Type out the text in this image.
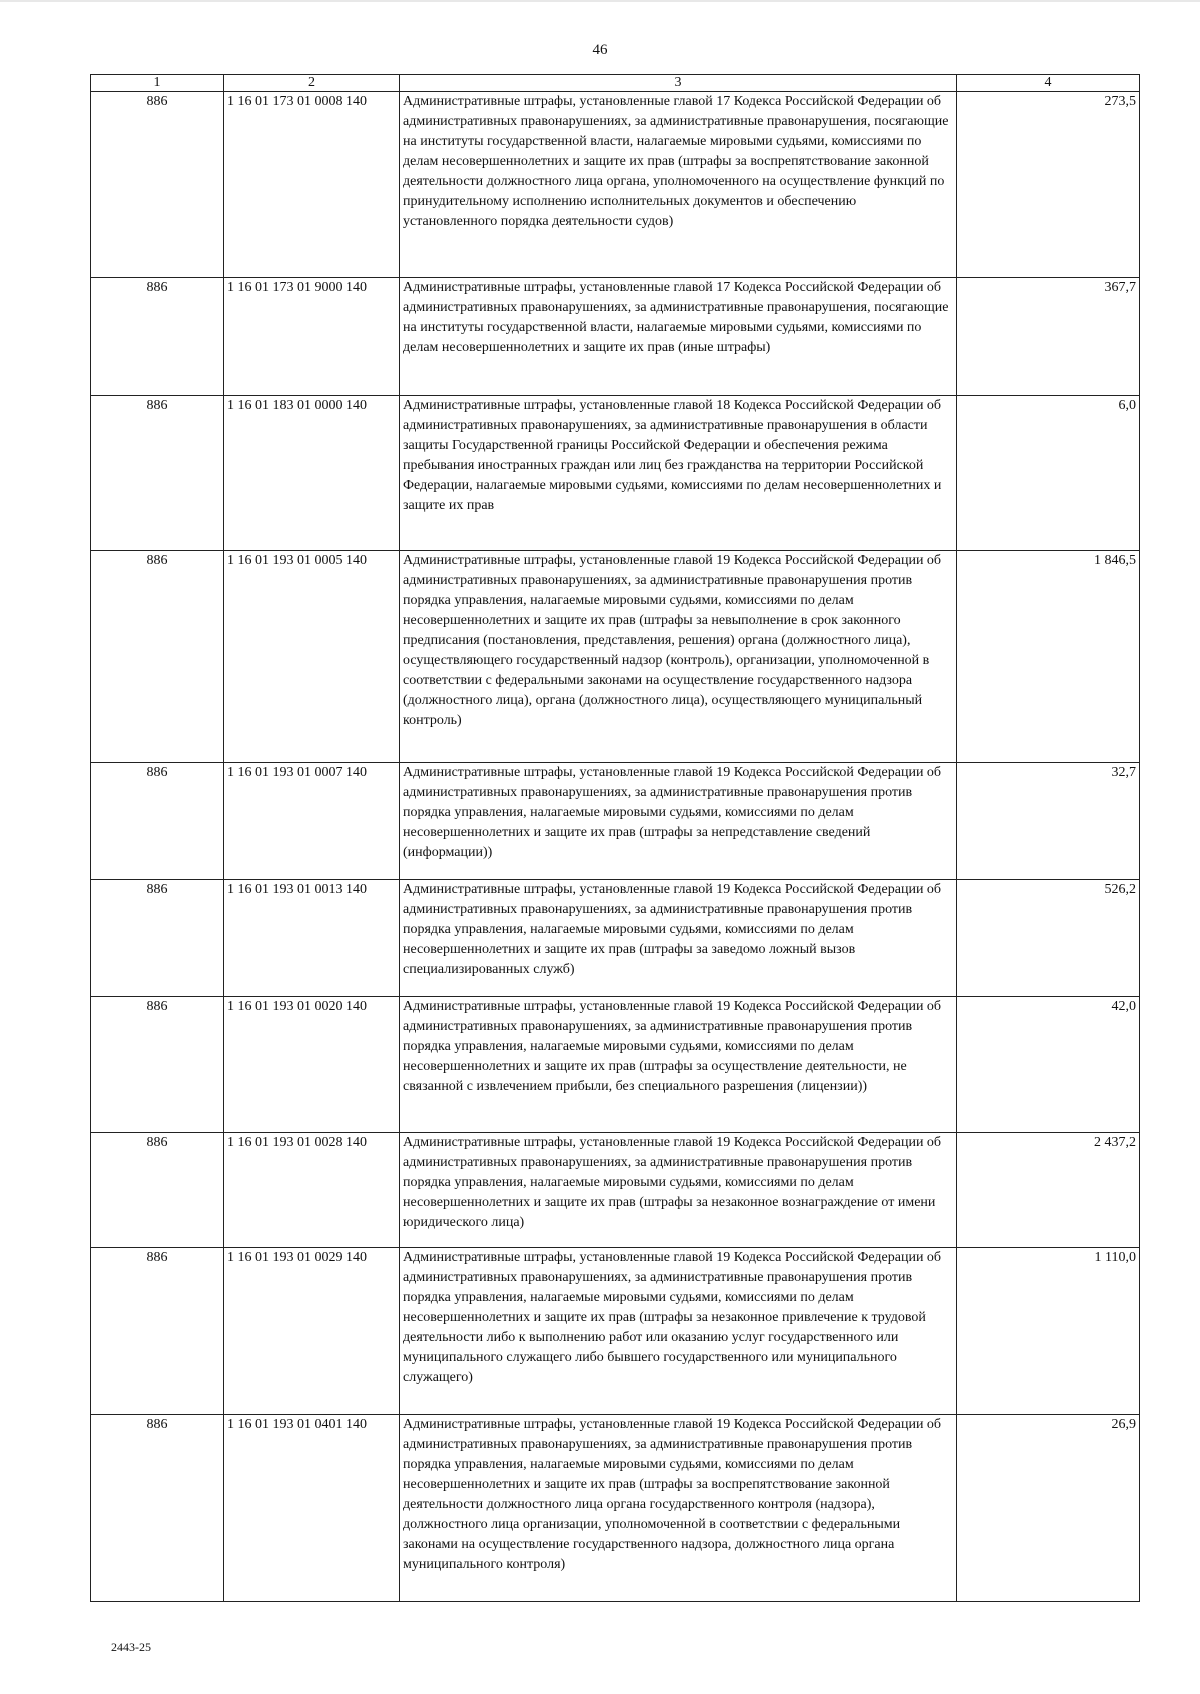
46
1	2	3	4
886	1 16 01 173 01 0008 140	Административные штрафы, установленные главой 17 Кодекса Российской Федерации об административных правонарушениях, за административные правонарушения, посягающие на институты государственной власти, налагаемые мировыми судьями, комиссиями по делам несовершеннолетних и защите их прав (штрафы за воспрепятствование законной деятельности должностного лица органа, уполномоченного на осуществление функций по принудительному исполнению исполнительных документов и обеспечению установленного порядка деятельности судов)	273,5
886	1 16 01 173 01 9000 140	Административные штрафы, установленные главой 17 Кодекса Российской Федерации об административных правонарушениях, за административные правонарушения, посягающие на институты государственной власти, налагаемые мировыми судьями, комиссиями по делам несовершеннолетних и защите их прав (иные штрафы)	367,7
886	1 16 01 183 01 0000 140	Административные штрафы, установленные главой 18 Кодекса Российской Федерации об административных правонарушениях, за административные правонарушения в области защиты Государственной границы Российской Федерации и обеспечения режима пребывания иностранных граждан или лиц без гражданства на территории Российской Федерации, налагаемые мировыми судьями, комиссиями по делам несовершеннолетних и защите их прав	6,0
886	1 16 01 193 01 0005 140	Административные штрафы, установленные главой 19 Кодекса Российской Федерации об административных правонарушениях, за административные правонарушения против порядка управления, налагаемые мировыми судьями, комиссиями по делам несовершеннолетних и защите их прав (штрафы за невыполнение в срок законного предписания (постановления, представления, решения) органа (должностного лица), осуществляющего государственный надзор (контроль), организации, уполномоченной в соответствии с федеральными законами на осуществление государственного надзора (должностного лица), органа (должностного лица), осуществляющего муниципальный контроль)	1 846,5
886	1 16 01 193 01 0007 140	Административные штрафы, установленные главой 19 Кодекса Российской Федерации об административных правонарушениях, за административные правонарушения против порядка управления, налагаемые мировыми судьями, комиссиями по делам несовершеннолетних и защите их прав (штрафы за непредставление сведений (информации))	32,7
886	1 16 01 193 01 0013 140	Административные штрафы, установленные главой 19 Кодекса Российской Федерации об административных правонарушениях, за административные правонарушения против порядка управления, налагаемые мировыми судьями, комиссиями по делам несовершеннолетних и защите их прав (штрафы за заведомо ложный вызов специализированных служб)	526,2
886	1 16 01 193 01 0020 140	Административные штрафы, установленные главой 19 Кодекса Российской Федерации об административных правонарушениях, за административные правонарушения против порядка управления, налагаемые мировыми судьями, комиссиями по делам несовершеннолетних и защите их прав (штрафы за осуществление деятельности, не связанной с извлечением прибыли, без специального разрешения (лицензии))	42,0
886	1 16 01 193 01 0028 140	Административные штрафы, установленные главой 19 Кодекса Российской Федерации об административных правонарушениях, за административные правонарушения против порядка управления, налагаемые мировыми судьями, комиссиями по делам несовершеннолетних и защите их прав (штрафы за незаконное вознаграждение от имени юридического лица)	2 437,2
886	1 16 01 193 01 0029 140	Административные штрафы, установленные главой 19 Кодекса Российской Федерации об административных правонарушениях, за административные правонарушения против порядка управления, налагаемые мировыми судьями, комиссиями по делам несовершеннолетних и защите их прав (штрафы за незаконное привлечение к трудовой деятельности либо к выполнению работ или оказанию услуг государственного или муниципального служащего либо бывшего государственного или муниципального служащего)	1 110,0
886	1 16 01 193 01 0401 140	Административные штрафы, установленные главой 19 Кодекса Российской Федерации об административных правонарушениях, за административные правонарушения против порядка управления, налагаемые мировыми судьями, комиссиями по делам несовершеннолетних и защите их прав (штрафы за воспрепятствование законной деятельности должностного лица органа государственного контроля (надзора), должностного лица организации, уполномоченной в соответствии с федеральными законами на осуществление государственного надзора, должностного лица органа муниципального контроля)	26,9
2443-25
